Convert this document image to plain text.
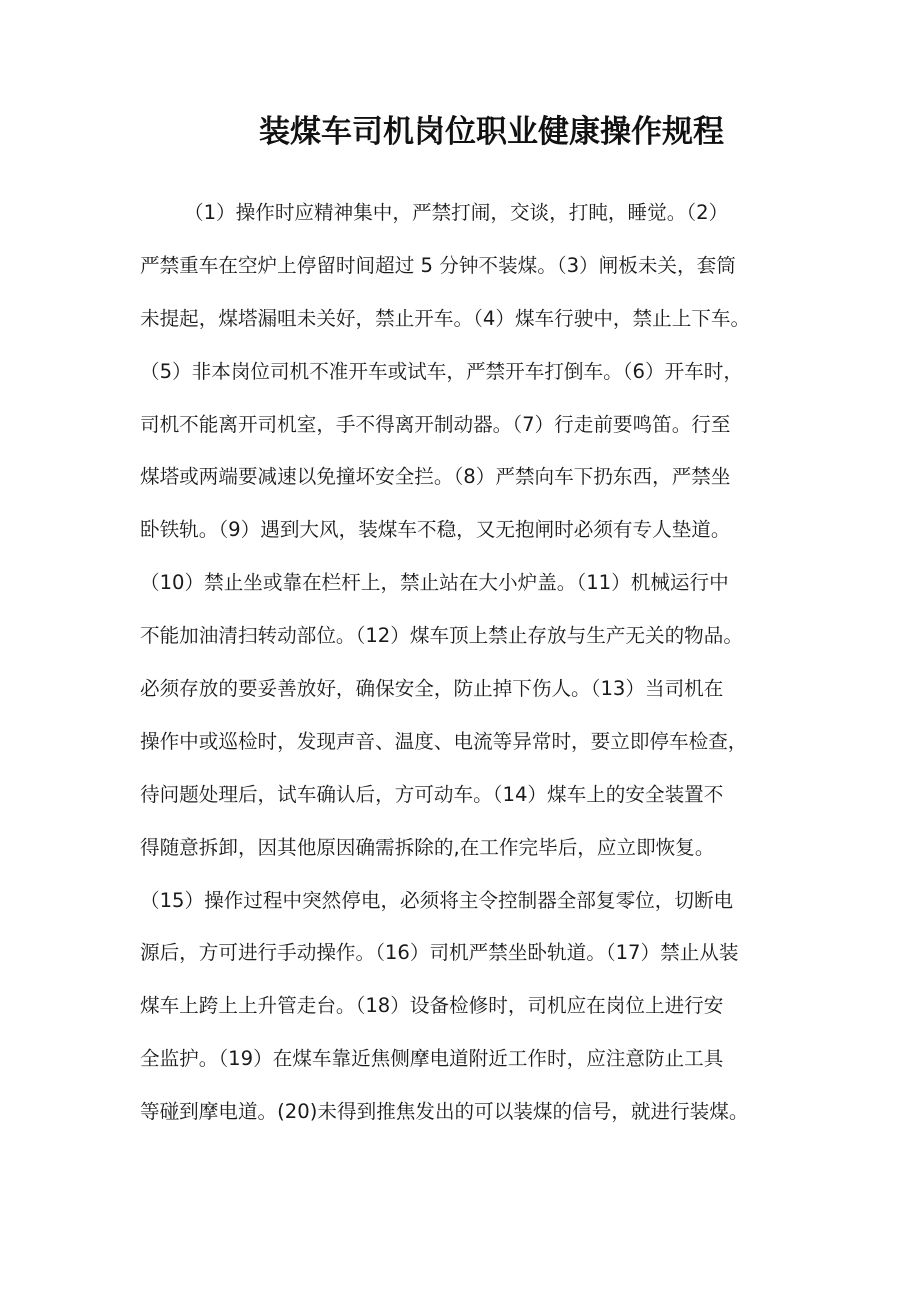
装煤车司机岗位职业健康操作规程

（1）操作时应精神集中，严禁打闹，交谈，打盹，睡觉。（2）

严禁重车在空炉上停留时间超过 5 分钟不装煤。（3）闸板未关，套筒

未提起，煤塔漏咀未关好，禁止开车。（4）煤车行驶中，禁止上下车。

（5）非本岗位司机不准开车或试车，严禁开车打倒车。（6）开车时，

司机不能离开司机室，手不得离开制动器。（7）行走前要鸣笛。行至

煤塔或两端要减速以免撞坏安全拦。（8）严禁向车下扔东西，严禁坐

卧铁轨。（9）遇到大风，装煤车不稳，又无抱闸时必须有专人垫道。

（10）禁止坐或靠在栏杆上，禁止站在大小炉盖。（11）机械运行中

不能加油清扫转动部位。（12）煤车顶上禁止存放与生产无关的物品。

必须存放的要妥善放好，确保安全，防止掉下伤人。（13）当司机在

操作中或巡检时，发现声音、温度、电流等异常时，要立即停车检查，

待问题处理后，试车确认后，方可动车。（14）煤车上的安全装置不

得随意拆卸，因其他原因确需拆除的,在工作完毕后，应立即恢复。

（15）操作过程中突然停电，必须将主令控制器全部复零位，切断电

源后，方可进行手动操作。（16）司机严禁坐卧轨道。（17）禁止从装

煤车上跨上上升管走台。（18）设备检修时，司机应在岗位上进行安

全监护。（19）在煤车靠近焦侧摩电道附近工作时，应注意防止工具

等碰到摩电道。(20)未得到推焦发出的可以装煤的信号，就进行装煤。
